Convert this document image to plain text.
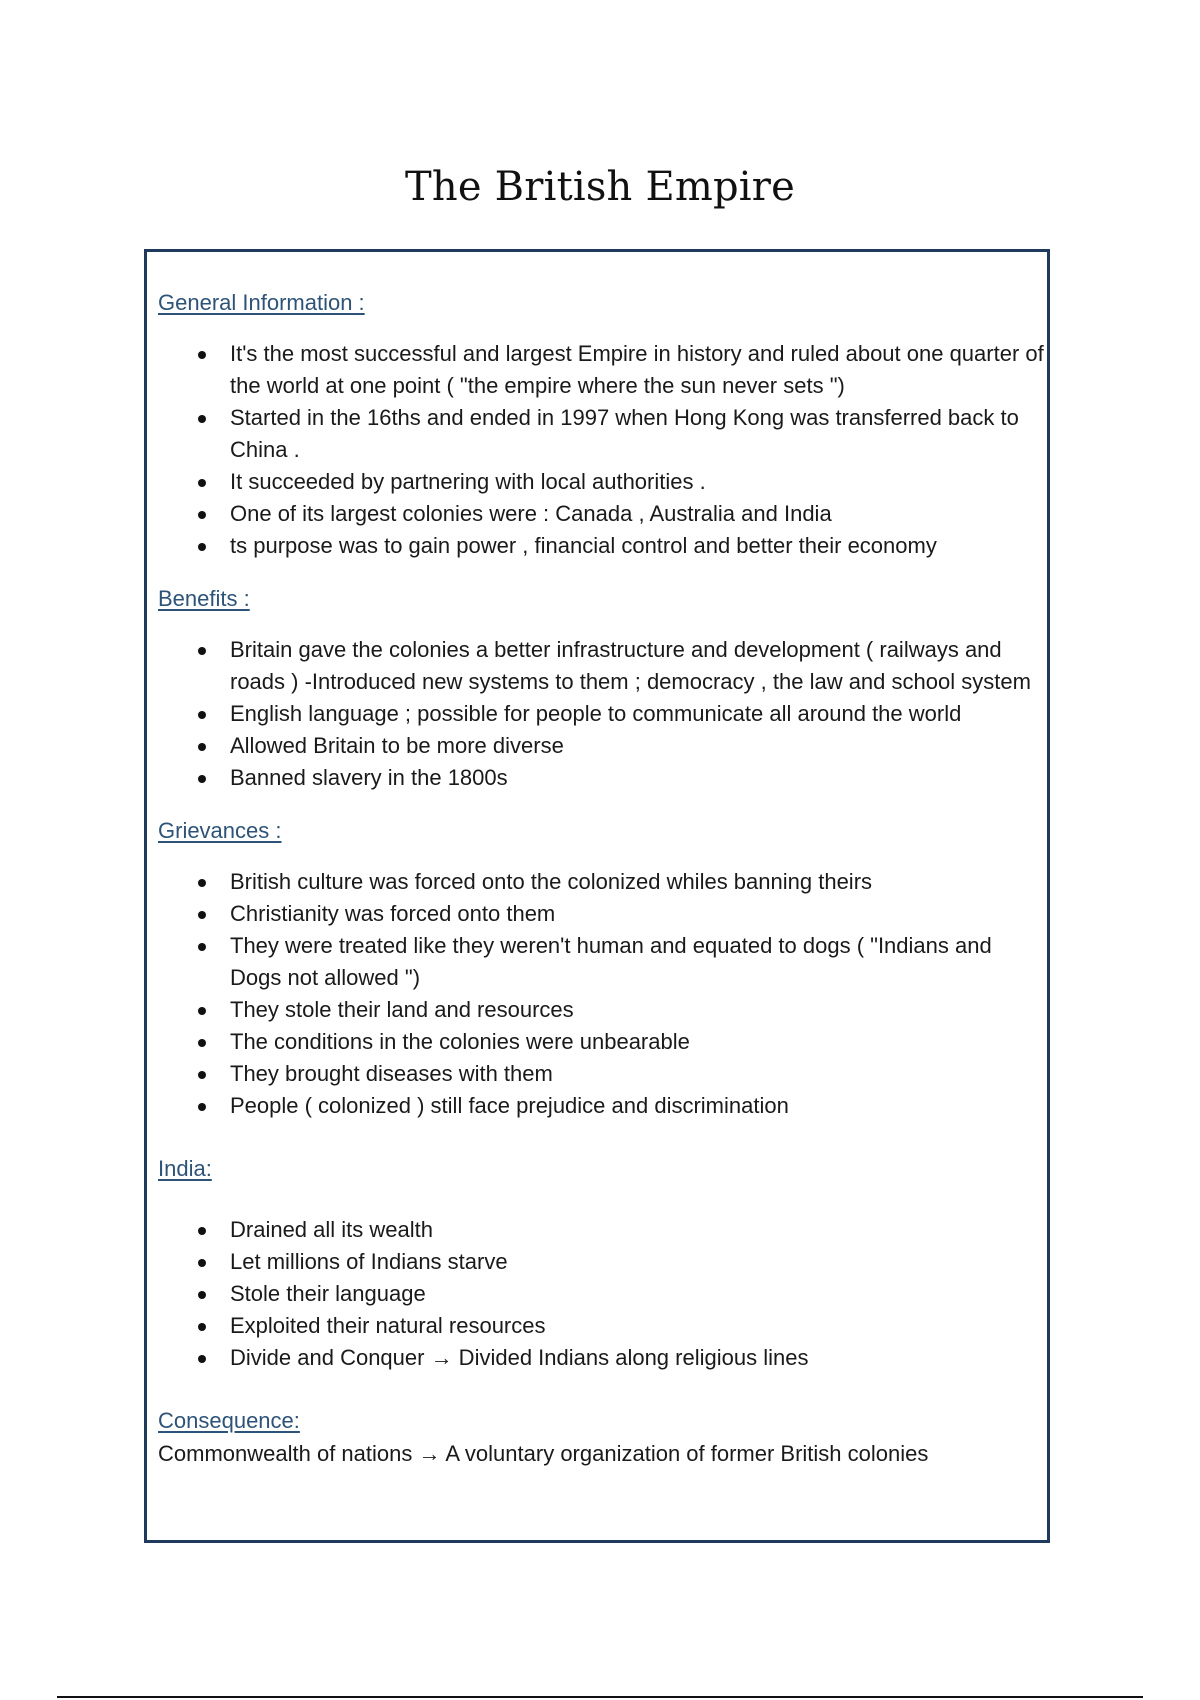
The British Empire
General Information :
It's the most successful and largest Empire in history and ruled about one quarter of the world at one point ( "the empire where the sun never sets ")
Started in the 16ths and ended in 1997 when Hong Kong was transferred back to China .
It succeeded by partnering with local authorities .
One of its largest colonies were : Canada , Australia and India
ts purpose was to gain power , financial control and better their economy
Benefits :
Britain gave the colonies a better infrastructure and development ( railways and roads ) -Introduced new systems to them ; democracy , the law and school system
English language ; possible for people to communicate all around the world
Allowed Britain to be more diverse
Banned slavery in the 1800s
Grievances :
British culture was forced onto the colonized whiles banning theirs
Christianity was forced onto them
They were treated like they weren't human and equated to dogs ( "Indians and Dogs not allowed ")
They stole their land and resources
The conditions in the colonies were unbearable
They brought diseases with them
People ( colonized ) still face prejudice and discrimination
India:
Drained all its wealth
Let millions of Indians starve
Stole their language
Exploited their natural resources
Divide and Conquer → Divided Indians along religious lines
Consequence:

Commonwealth of nations → A voluntary organization of former British colonies
